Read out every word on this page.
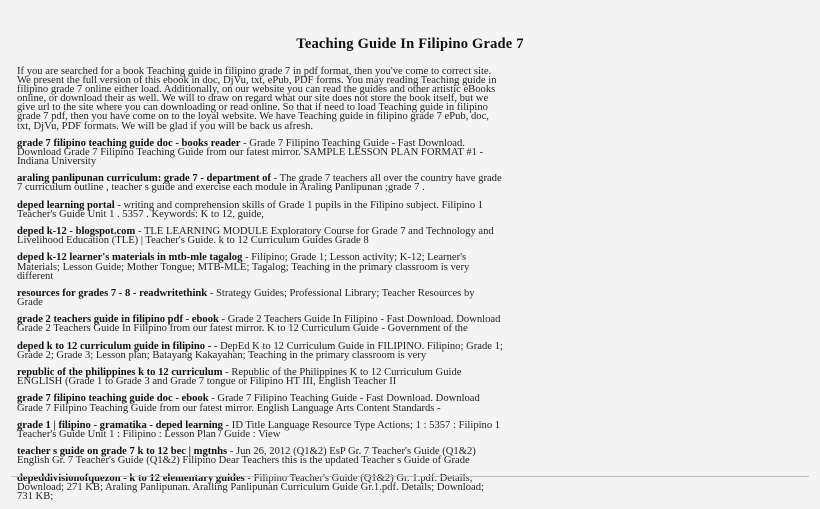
Teaching Guide In Filipino Grade 7

If you are searched for a book Teaching guide in filipino grade 7 in pdf format, then you've come to correct site.
We present the full version of this ebook in doc, DjVu, txt, ePub, PDF forms. You may reading Teaching guide in
filipino grade 7 online either load. Additionally, on our website you can read the guides and other artistic eBooks
online, or download their as well. We will to draw on regard what our site does not store the book itself, but we
give url to the site where you can downloading or read online. So that if need to load Teaching guide in filipino
grade 7 pdf, then you have come on to the loyal website. We have Teaching guide in filipino grade 7 ePub, doc,
txt, DjVu, PDF formats. We will be glad if you will be back us afresh.

grade 7 filipino teaching guide doc - books reader - Grade 7 Filipino Teaching Guide - Fast Download.
Download Grade 7 Filipino Teaching Guide from our fatest mirror. SAMPLE LESSON PLAN FORMAT #1 -
Indiana University

araling panlipunan curriculum: grade 7 - department of - The grade 7 teachers all over the country have grade
7 curriculum outline , teacher s guide and exercise each module in Araling Panlipunan ;grade 7 .

deped learning portal - writing and comprehension skills of Grade 1 pupils in the Filipino subject. Filipino 1
Teacher's Guide Unit 1 . 5357 . Keywords: K to 12, guide,

deped k-12 - blogspot.com - TLE LEARNING MODULE Exploratory Course for Grade 7 and Technology and
Livelihood Education (TLE) | Teacher's Guide. k to 12 Curriculum Guides Grade 8

deped k-12 learner's materials in mtb-mle tagalog - Filipino; Grade 1; Lesson activity; K-12; Learner's
Materials; Lesson Guide; Mother Tongue; MTB-MLE; Tagalog; Teaching in the primary classroom is very
different

resources for grades 7 - 8 - readwritethink - Strategy Guides; Professional Library; Teacher Resources by
Grade

grade 2 teachers guide in filipino pdf - ebook - Grade 2 Teachers Guide In Filipino - Fast Download. Download
Grade 2 Teachers Guide In Filipino from our fatest mirror. K to 12 Curriculum Guide - Government of the

deped k to 12 curriculum guide in filipino - - DepEd K to 12 Curriculum Guide in FILIPINO. Filipino; Grade 1;
Grade 2; Grade 3; Lesson plan; Batayang Kakayahan; Teaching in the primary classroom is very

republic of the philippines k to 12 curriculum - Republic of the Philippines K to 12 Curriculum Guide
ENGLISH (Grade 1 to Grade 3 and Grade 7 tongue or Filipino HT III, English Teacher II

grade 7 filipino teaching guide doc - ebook - Grade 7 Filipino Teaching Guide - Fast Download. Download
Grade 7 Filipino Teaching Guide from our fatest mirror. English Language Arts Content Standards -

grade 1 | filipino - gramatika - deped learning - ID Title Language Resource Type Actions; 1 : 5357 : Filipino 1
Teacher's Guide Unit 1 : Filipino : Lesson Plan / Guide : View

teacher s guide on grade 7 k to 12 bec | mgtnhs - Jun 26, 2012 (Q1&2) EsP Gr. 7 Teacher's Guide (Q1&2)
English Gr. 7 Teacher's Guide (Q1&2) Filipino Dear Teachers this is the updated Teacher s Guide of Grade

depeddivisionofquezon - k to 12 elementary guides - Filipino Teacher's Guide (Q1&2) Gr. 1.pdf. Details;
Download; 271 KB; Araling Panlipunan. Aralling Panlipunan Curriculum Guide Gr.1.pdf. Details; Download;
731 KB;
